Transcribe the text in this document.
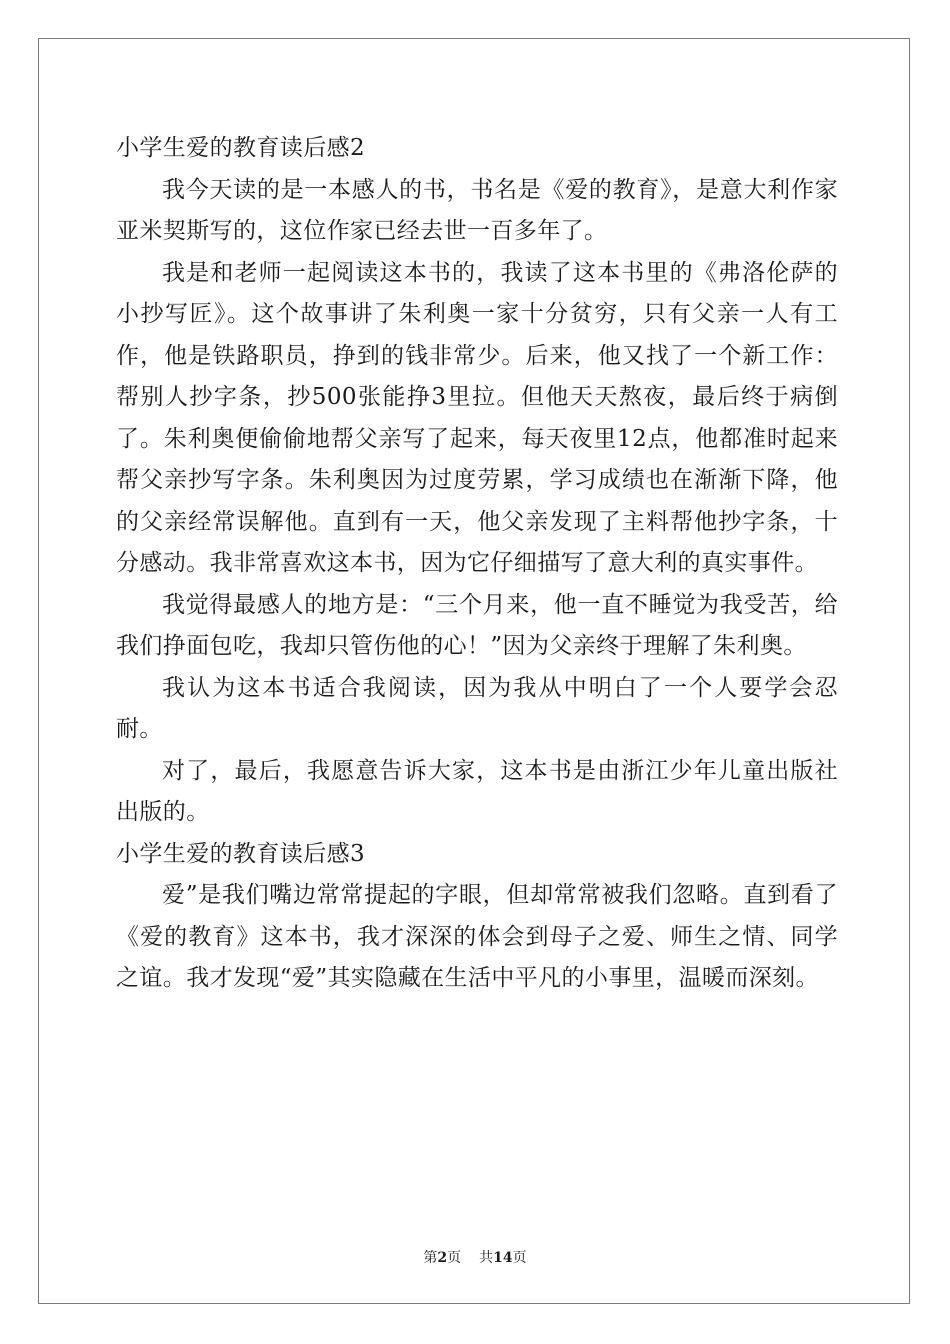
小学生爱的教育读后感2

我今天读的是一本感人的书，书名是《爱的教育》，是意大利作家亚米契斯写的，这位作家已经去世一百多年了。

我是和老师一起阅读这本书的，我读了这本书里的《弗洛伦萨的小抄写匠》。这个故事讲了朱利奥一家十分贫穷，只有父亲一人有工作，他是铁路职员，挣到的钱非常少。后来，他又找了一个新工作：帮别人抄字条，抄500张能挣3里拉。但他天天熬夜，最后终于病倒了。朱利奥便偷偷地帮父亲写了起来，每天夜里12点，他都准时起来帮父亲抄写字条。朱利奥因为过度劳累，学习成绩也在渐渐下降，他的父亲经常误解他。直到有一天，他父亲发现了主料帮他抄字条，十分感动。我非常喜欢这本书，因为它仔细描写了意大利的真实事件。

我觉得最感人的地方是：“三个月来，他一直不睡觉为我受苦，给我们挣面包吃，我却只管伤他的心！”因为父亲终于理解了朱利奥。

我认为这本书适合我阅读，因为我从中明白了一个人要学会忍耐。

对了，最后，我愿意告诉大家，这本书是由浙江少年儿童出版社出版的。

小学生爱的教育读后感3

爱”是我们嘴边常常提起的字眼，但却常常被我们忽略。直到看了《爱的教育》这本书，我才深深的体会到母子之爱、师生之情、同学之谊。我才发现“爱”其实隐藏在生活中平凡的小事里，温暖而深刻。

第2页 共14页
